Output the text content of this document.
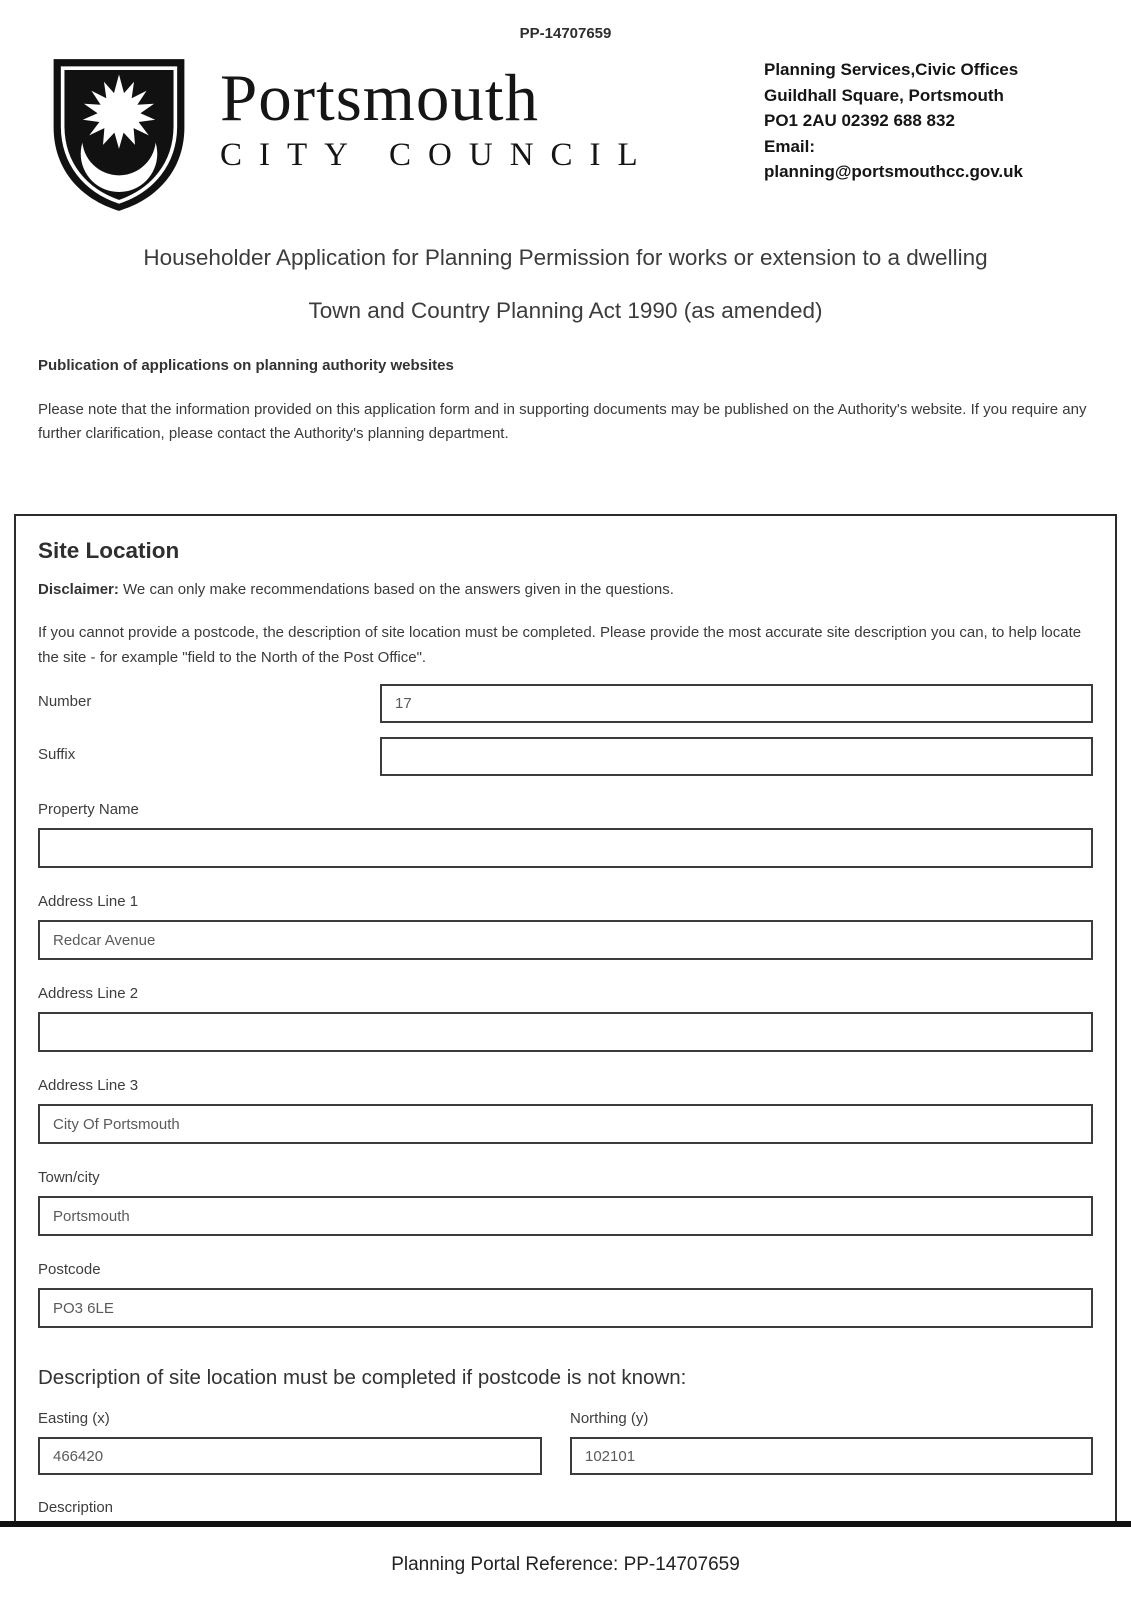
PP-14707659
Portsmouth
CITY COUNCIL
Planning Services,Civic Offices
Guildhall Square, Portsmouth
PO1 2AU 02392 688 832
Email: planning@portsmouthcc.gov.uk
Householder Application for Planning Permission for works or extension to a dwelling
Town and Country Planning Act 1990 (as amended)
Publication of applications on planning authority websites
Please note that the information provided on this application form and in supporting documents may be published on the Authority's website. If you require any further clarification, please contact the Authority's planning department.
Site Location
Disclaimer: We can only make recommendations based on the answers given in the questions.
If you cannot provide a postcode, the description of site location must be completed. Please provide the most accurate site description you can, to help locate the site - for example "field to the North of the Post Office".
Number
17
Suffix
Property Name
Address Line 1
Redcar Avenue
Address Line 2
Address Line 3
City Of Portsmouth
Town/city
Portsmouth
Postcode
PO3 6LE
Description of site location must be completed if postcode is not known:
Easting (x)
466420	Northing (y)
102101
Description
Planning Portal Reference: PP-14707659
